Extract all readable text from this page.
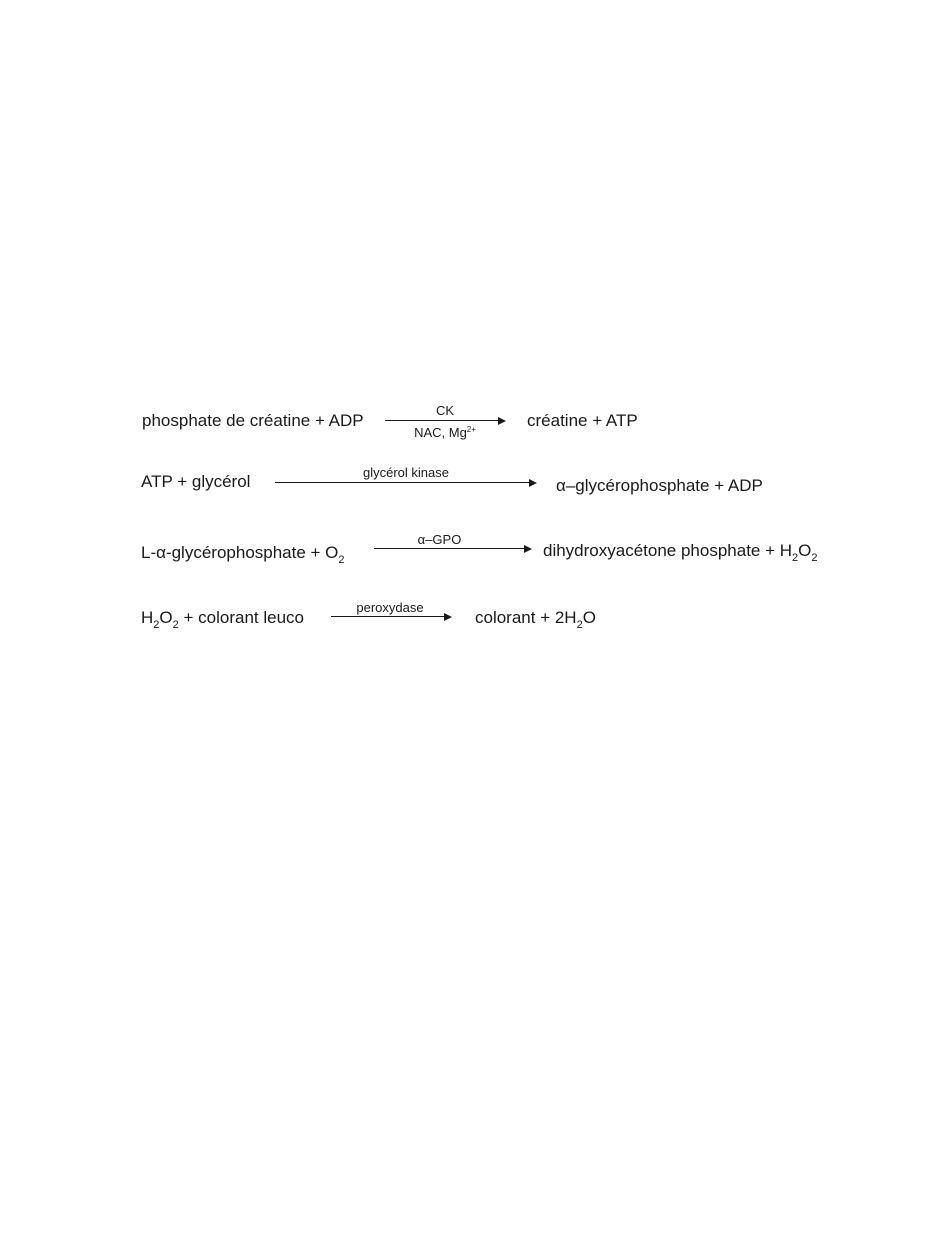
phosphate de créatine + ADP
CK
NAC, $Mg^{2+}$	créatine + ATP
ATP + glycérol	glycérol kinase
α–glycérophosphate + ADP
L-α-glycérophosphate + $O_2$
α–GPO
dihydroxyacétone phosphate + $H_2O_2$
$H_2O_2$ + colorant leuco
peroxydase
colorant + $2H_2O$
